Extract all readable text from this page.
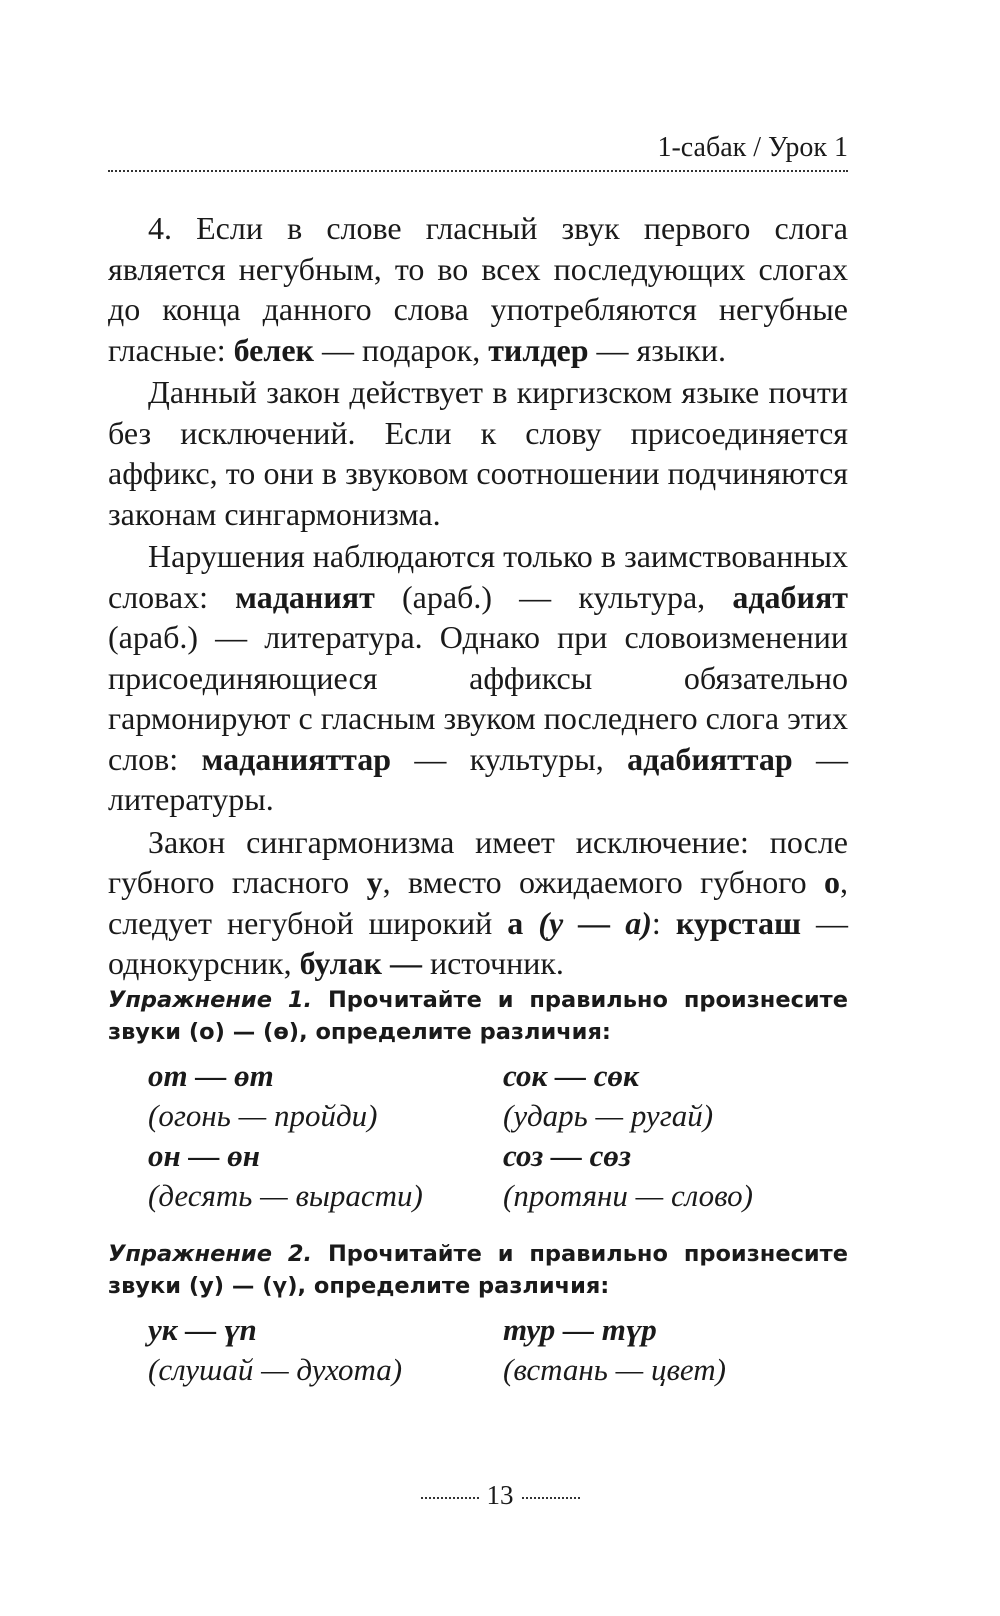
1-сабак / Урок 1

4. Если в слове гласный звук первого слога является негубным, то во всех последующих слогах до конца данного слова употребляются негубные гласные: белек — подарок, тилдер — языки.

Данный закон действует в киргизском языке почти без исключений. Если к слову присоединяется аффикс, то они в звуковом соотношении подчиняются законам сингармонизма.

Нарушения наблюдаются только в заимствованных словах: маданият (араб.) — культура, адабият (араб.) — литература. Однако при словоизменении присоединяющиеся аффиксы обязательно гармонируют с гласным звуком последнего слога этих слов: маданияттар — культуры, адабияттар — литературы.

Закон сингармонизма имеет исключение: после губного гласного у, вместо ожидаемого губного о, следует негубной широкий а (у — а): курсташ — однокурсник, булак — источник.

Упражнение 1. Прочитайте и правильно произнесите звуки (о) — (ө), определите различия:
от — өт	сок — сөк
(огонь — пройди)	(ударь — ругай)
он — өн	соз — сөз
(десять — вырасти)	(протяни — слово)
Упражнение 2. Прочитайте и правильно произнесите звуки (у) — (ү), определите различия:
ук — үп	тур — түр
(слушай — духота)	(встань — цвет)
13
